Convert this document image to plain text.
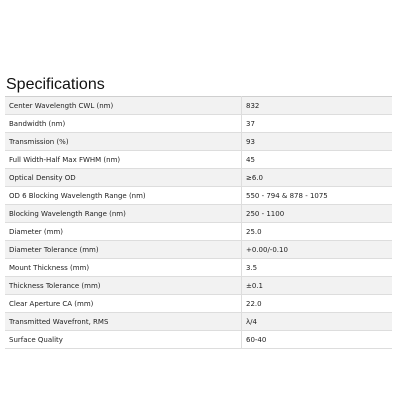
Specifications
Center Wavelength CWL (nm)	832
Bandwidth (nm)	37
Transmission (%)	93
Full Width-Half Max FWHM (nm)	45
Optical Density OD	≥6.0
OD 6 Blocking Wavelength Range (nm)	550 - 794 & 878 - 1075
Blocking Wavelength Range (nm)	250 - 1100
Diameter (mm)	25.0
Diameter Tolerance (mm)	+0.00/-0.10
Mount Thickness (mm)	3.5
Thickness Tolerance (mm)	±0.1
Clear Aperture CA (mm)	22.0
Transmitted Wavefront, RMS	λ/4
Surface Quality	60-40
